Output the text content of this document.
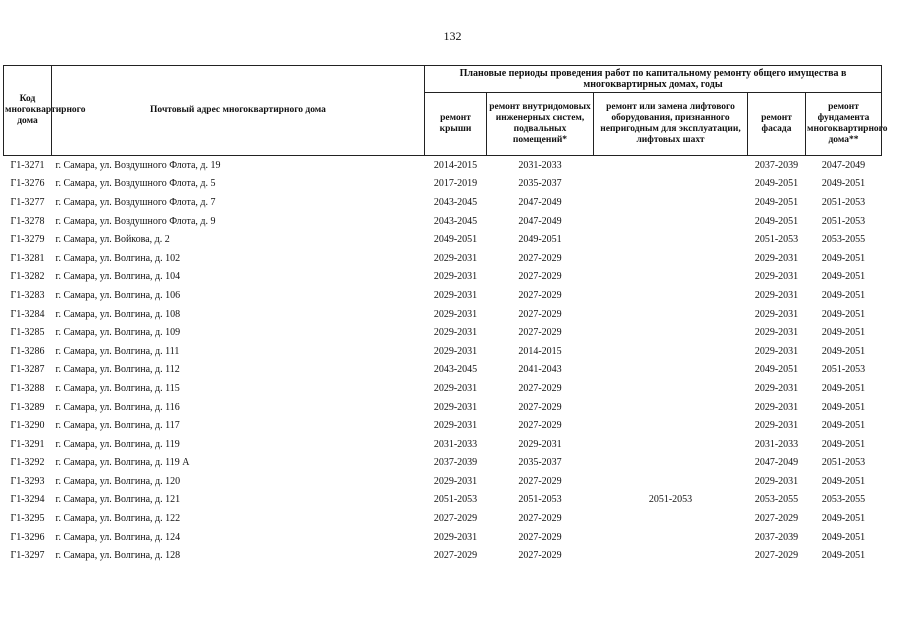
132
Код многоквартирного дома	Почтовый адрес многоквартирного дома	Плановые периоды проведения работ по капитальному ремонту общего имущества в многоквартирных домах, годы				
		ремонт крыши	ремонт внутридомовых инженерных систем, подвальных помещений*	ремонт или замена лифтового оборудования, признанного непригодным для эксплуатации, лифтовых шахт	ремонт фасада	ремонт фундамента многоквартирного дома**
Г1-3271	г. Самара, ул. Воздушного Флота, д. 19	2014-2015	2031-2033		2037-2039	2047-2049
Г1-3276	г. Самара, ул. Воздушного Флота, д. 5	2017-2019	2035-2037		2049-2051	2049-2051
Г1-3277	г. Самара, ул. Воздушного Флота, д. 7	2043-2045	2047-2049		2049-2051	2051-2053
Г1-3278	г. Самара, ул. Воздушного Флота, д. 9	2043-2045	2047-2049		2049-2051	2051-2053
Г1-3279	г. Самара, ул. Войкова, д. 2	2049-2051	2049-2051		2051-2053	2053-2055
Г1-3281	г. Самара, ул. Волгина, д. 102	2029-2031	2027-2029		2029-2031	2049-2051
Г1-3282	г. Самара, ул. Волгина, д. 104	2029-2031	2027-2029		2029-2031	2049-2051
Г1-3283	г. Самара, ул. Волгина, д. 106	2029-2031	2027-2029		2029-2031	2049-2051
Г1-3284	г. Самара, ул. Волгина, д. 108	2029-2031	2027-2029		2029-2031	2049-2051
Г1-3285	г. Самара, ул. Волгина, д. 109	2029-2031	2027-2029		2029-2031	2049-2051
Г1-3286	г. Самара, ул. Волгина, д. 111	2029-2031	2014-2015		2029-2031	2049-2051
Г1-3287	г. Самара, ул. Волгина, д. 112	2043-2045	2041-2043		2049-2051	2051-2053
Г1-3288	г. Самара, ул. Волгина, д. 115	2029-2031	2027-2029		2029-2031	2049-2051
Г1-3289	г. Самара, ул. Волгина, д. 116	2029-2031	2027-2029		2029-2031	2049-2051
Г1-3290	г. Самара, ул. Волгина, д. 117	2029-2031	2027-2029		2029-2031	2049-2051
Г1-3291	г. Самара, ул. Волгина, д. 119	2031-2033	2029-2031		2031-2033	2049-2051
Г1-3292	г. Самара, ул. Волгина, д. 119 А	2037-2039	2035-2037		2047-2049	2051-2053
Г1-3293	г. Самара, ул. Волгина, д. 120	2029-2031	2027-2029		2029-2031	2049-2051
Г1-3294	г. Самара, ул. Волгина, д. 121	2051-2053	2051-2053	2051-2053	2053-2055	2053-2055
Г1-3295	г. Самара, ул. Волгина, д. 122	2027-2029	2027-2029		2027-2029	2049-2051
Г1-3296	г. Самара, ул. Волгина, д. 124	2029-2031	2027-2029		2037-2039	2049-2051
Г1-3297	г. Самара, ул. Волгина, д. 128	2027-2029	2027-2029		2027-2029	2049-2051
